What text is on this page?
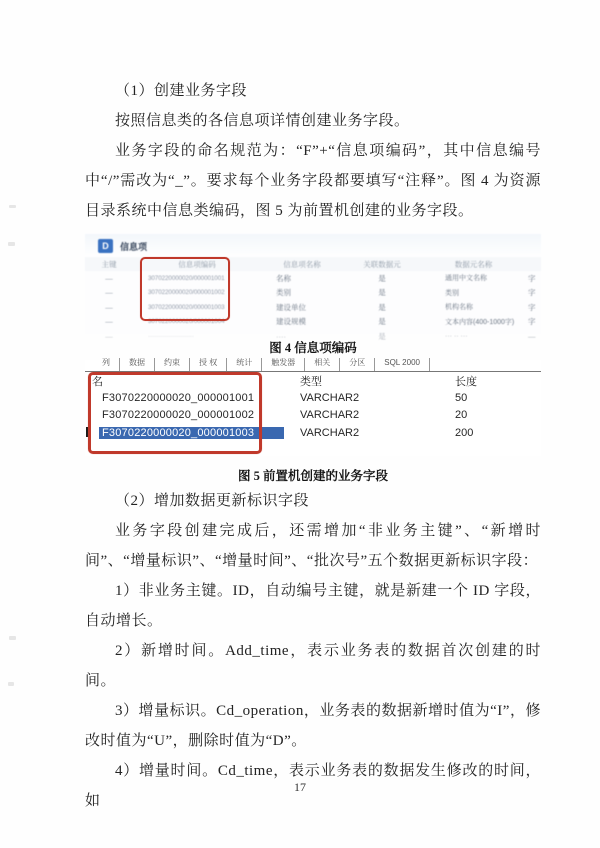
（1）创建业务字段

按照信息类的各信息项详情创建业务字段。

业务字段的命名规范为：“F”+“信息项编码”，其中信息编号中“/”需改为“_”。要求每个业务字段都要填写“注释”。图 4 为资源目录系统中信息类编码，图 5 为前置机创建的业务字段。

D	信息项
主键	信息项编码	信息项名称	关联数据元	数据元名称
—	3070220000020/000001001	名称	是	通用中文名称	字
—	3070220000020/000001002	类别	是	类别	字
—	3070220000020/000001003	建设单位	是	机构名称	字
—	3070220000020/000001004	建设规模	是	文本内容(400-1000字)	字
—	·······················	····	是	··· ·· ···	—

图 4 信息项编码

列	数据	约束	授 权	统计	触发器	相关	分区	SQL 2000
名	类型	长度
F3070220000020_000001001	VARCHAR2	50
F3070220000020_000001002	VARCHAR2	20
F3070220000020_000001003	VARCHAR2	200

图 5 前置机创建的业务字段

（2）增加数据更新标识字段

业务字段创建完成后，还需增加“非业务主键”、“新增时间”、“增量标识”、“增量时间”、“批次号”五个数据更新标识字段：

1）非业务主键。ID，自动编号主键，就是新建一个 ID 字段，自动增长。

2）新增时间。Add_time，表示业务表的数据首次创建的时间。

3）增量标识。Cd_operation，业务表的数据新增时值为“I”，修改时值为“U”，删除时值为“D”。

4）增量时间。Cd_time，表示业务表的数据发生修改的时间，如

17
